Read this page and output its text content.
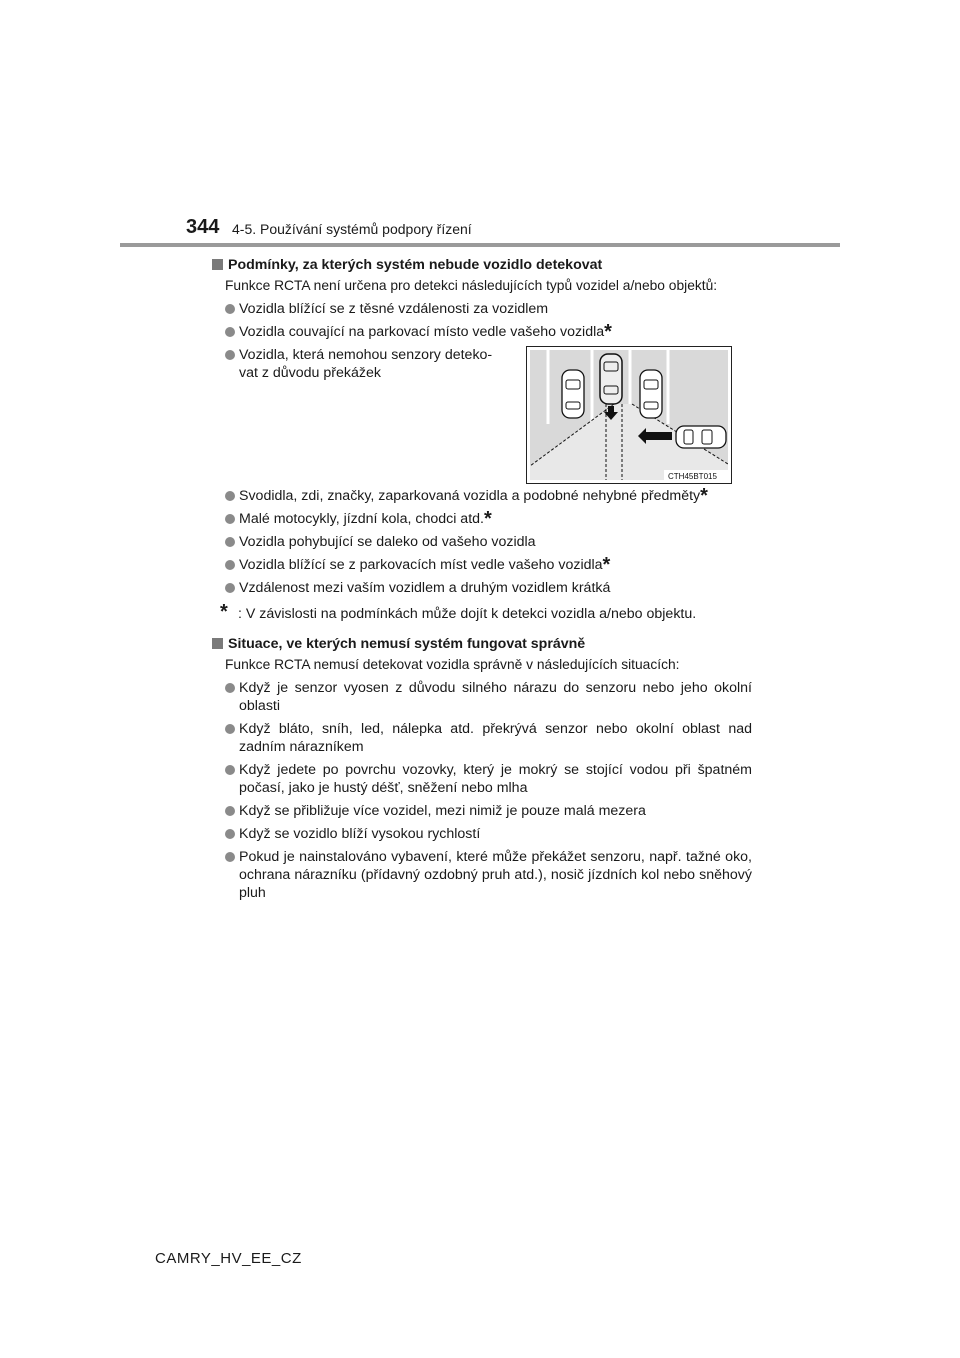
344 4-5. Používání systémů podpory řízení
Podmínky, za kterých systém nebude vozidlo detekovat
Funkce RCTA není určena pro detekci následujících typů vozidel a/nebo objektů:
Vozidla blížící se z těsné vzdálenosti za vozidlem
Vozidla couvající na parkovací místo vedle vašeho vozidla*
Vozidla, která nemohou senzory deteko-vat z důvodu překážek
CTH45BT015
Svodidla, zdi, značky, zaparkovaná vozidla a podobné nehybné předměty*
Malé motocykly, jízdní kola, chodci atd.*
Vozidla pohybující se daleko od vašeho vozidla
Vozidla blížící se z parkovacích míst vedle vašeho vozidla*
Vzdálenost mezi vaším vozidlem a druhým vozidlem krátká
* : V závislosti na podmínkách může dojít k detekci vozidla a/nebo objektu.
Situace, ve kterých nemusí systém fungovat správně
Funkce RCTA nemusí detekovat vozidla správně v následujících situacích:
Když je senzor vyosen z důvodu silného nárazu do senzoru nebo jeho okolní oblasti
Když bláto, sníh, led, nálepka atd. překrývá senzor nebo okolní oblast nad zadním nárazníkem
Když jedete po povrchu vozovky, který je mokrý se stojící vodou při špatném počasí, jako je hustý déšť, sněžení nebo mlha
Když se přibližuje více vozidel, mezi nimiž je pouze malá mezera
Když se vozidlo blíží vysokou rychlostí
Pokud je nainstalováno vybavení, které může překážet senzoru, např. tažné oko, ochrana nárazníku (přídavný ozdobný pruh atd.), nosič jízdních kol nebo sněhový pluh
CAMRY_HV_EE_CZ
